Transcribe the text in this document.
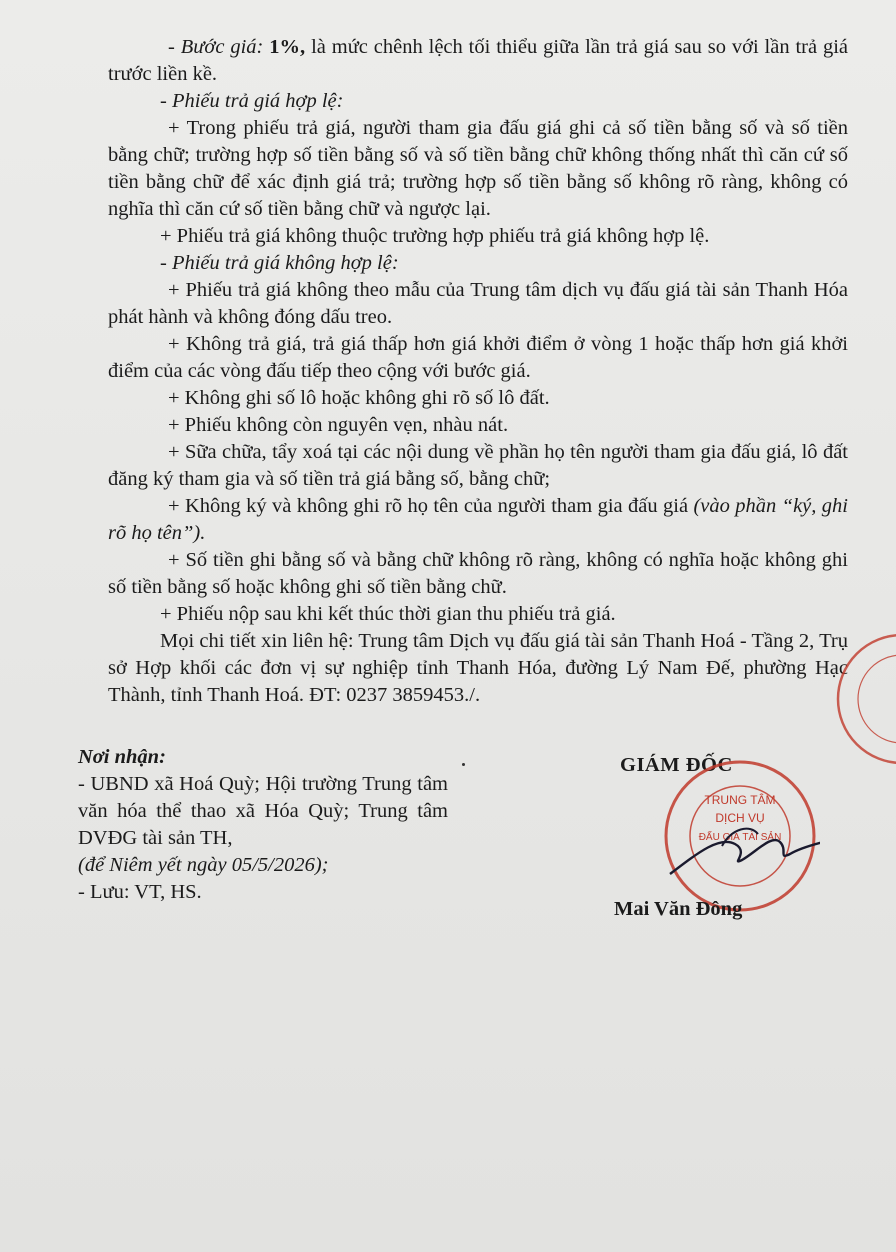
- Bước giá: 1%, là mức chênh lệch tối thiểu giữa lần trả giá sau so với lần trả giá trước liền kề.

- Phiếu trả giá hợp lệ:

+ Trong phiếu trả giá, người tham gia đấu giá ghi cả số tiền bằng số và số tiền bằng chữ; trường hợp số tiền bằng số và số tiền bằng chữ không thống nhất thì căn cứ số tiền bằng chữ để xác định giá trả; trường hợp số tiền bằng số không rõ ràng, không có nghĩa thì căn cứ số tiền bằng chữ và ngược lại.

+ Phiếu trả giá không thuộc trường hợp phiếu trả giá không hợp lệ.

- Phiếu trả giá không hợp lệ:

+ Phiếu trả giá không theo mẫu của Trung tâm dịch vụ đấu giá tài sản Thanh Hóa phát hành và không đóng dấu treo.

+ Không trả giá, trả giá thấp hơn giá khởi điểm ở vòng 1 hoặc thấp hơn giá khởi điểm của các vòng đấu tiếp theo cộng với bước giá.

+ Không ghi số lô hoặc không ghi rõ số lô đất.

+ Phiếu không còn nguyên vẹn, nhàu nát.

+ Sữa chữa, tẩy xoá tại các nội dung về phần họ tên người tham gia đấu giá, lô đất đăng ký tham gia và số tiền trả giá bằng số, bằng chữ;

+ Không ký và không ghi rõ họ tên của người tham gia đấu giá (vào phần “ký, ghi rõ họ tên”).

+ Số tiền ghi bằng số và bằng chữ không rõ ràng, không có nghĩa hoặc không ghi số tiền bằng số hoặc không ghi số tiền bằng chữ.

+ Phiếu nộp sau khi kết thúc thời gian thu phiếu trả giá.

Mọi chi tiết xin liên hệ: Trung tâm Dịch vụ đấu giá tài sản Thanh Hoá - Tầng 2, Trụ sở Hợp khối các đơn vị sự nghiệp tỉnh Thanh Hóa, đường Lý Nam Đế, phường Hạc Thành, tỉnh Thanh Hoá. ĐT: 0237 3859453./.

Nơi nhận:

- UBND xã Hoá Quỳ; Hội trường Trung tâm văn hóa thể thao xã Hóa Quỳ; Trung tâm DVĐG tài sản TH,

(để Niêm yết ngày 05/5/2026);

- Lưu: VT, HS.

GIÁM ĐỐC
TRUNG TÂM
DỊCH VỤ
ĐẤU GIÁ TÀI SẢN
Mai Văn Đông
